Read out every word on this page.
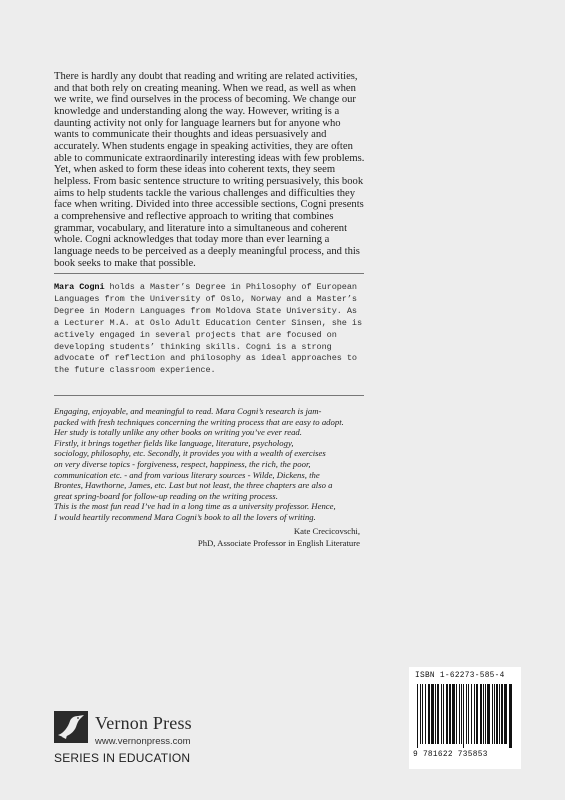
There is hardly any doubt that reading and writing are related activities, and that both rely on creating meaning. When we read, as well as when we write, we find ourselves in the process of becoming. We change our knowledge and understanding along the way. However, writing is a daunting activity not only for language learners but for anyone who wants to communicate their thoughts and ideas persuasively and accurately. When students engage in speaking activities, they are often able to communicate extraordinarily interesting ideas with few problems. Yet, when asked to form these ideas into coherent texts, they seem helpless. From basic sentence structure to writing persuasively, this book aims to help students tackle the various challenges and difficulties they face when writing. Divided into three accessible sections, Cogni presents a comprehensive and reflective approach to writing that combines grammar, vocabulary, and literature into a simultaneous and coherent whole. Cogni acknowledges that today more than ever learning a language needs to be perceived as a deeply meaningful process, and this book seeks to make that possible.

Mara Cogni holds a Master’s Degree in Philosophy of European Languages from the University of Oslo, Norway and a Master’s Degree in Modern Languages from Moldova State University. As a Lecturer M.A. at Oslo Adult Education Center Sinsen, she is actively engaged in several projects that are focused on developing students’ thinking skills. Cogni is a strong advocate of reflection and philosophy as ideal approaches to the future classroom experience.

Engaging, enjoyable, and meaningful to read. Mara Cogni’s research is jam-
packed with fresh techniques concerning the writing process that are easy to adopt.
Her study is totally unlike any other books on writing you’ve ever read.
Firstly, it brings together fields like language, literature, psychology,
sociology, philosophy, etc. Secondly, it provides you with a wealth of exercises
on very diverse topics - forgiveness, respect, happiness, the rich, the poor,
communication etc. - and from various literary sources - Wilde, Dickens, the
Brontes, Hawthorne, James, etc. Last but not least, the three chapters are also a
great spring-board for follow-up reading on the writing process.
This is the most fun read I’ve had in a long time as a university professor. Hence,
I would heartily recommend Mara Cogni’s book to all the lovers of writing.
Kate Crecicovschi,
PhD, Associate Professor in English Literature
Vernon Press
www.vernonpress.com
SERIES IN EDUCATION
ISBN 1-62273-585-4
9 781622 735853
